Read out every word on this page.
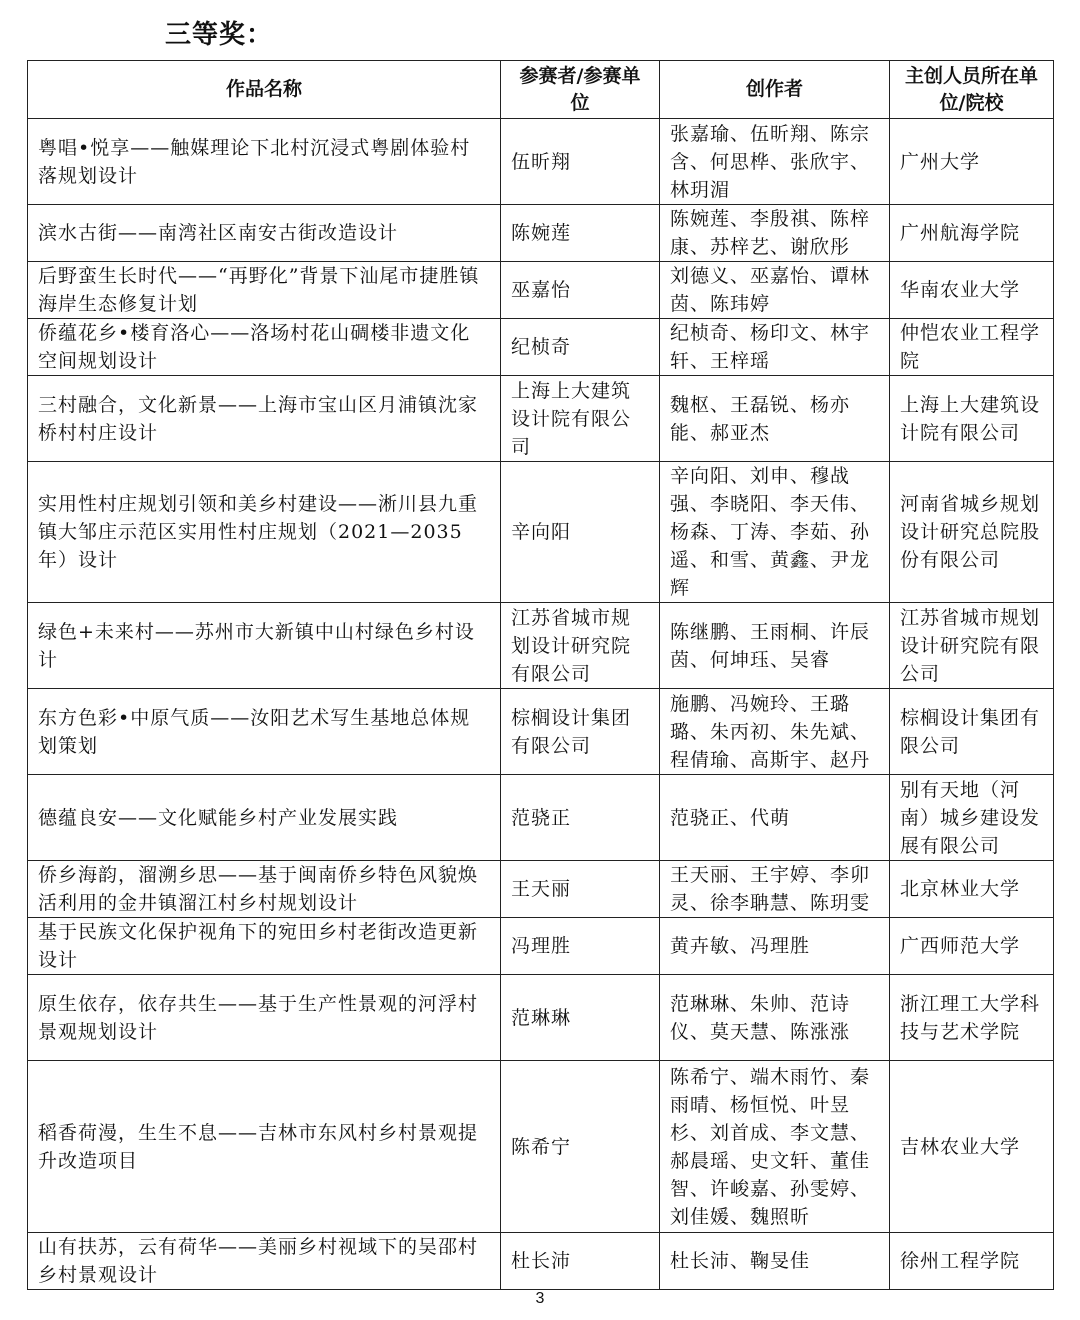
三等奖：
作品名称	参赛者/参赛单位	创作者	主创人员所在单位/院校
粤唱•悦享——触媒理论下北村沉浸式粤剧体验村落规划设计	伍昕翔	张嘉瑜、伍昕翔、陈宗含、何思桦、张欣宇、林玥湄	广州大学
滨水古街——南湾社区南安古街改造设计	陈婉莲	陈婉莲、李殷祺、陈梓康、苏梓艺、谢欣彤	广州航海学院
后野蛮生长时代——“再野化”背景下汕尾市捷胜镇海岸生态修复计划	巫嘉怡	刘德义、巫嘉怡、谭林茵、陈玮婷	华南农业大学
侨蕴花乡•楼育洛心——洛场村花山碉楼非遗文化空间规划设计	纪桢奇	纪桢奇、杨印文、林宇轩、王梓瑶	仲恺农业工程学院
三村融合，文化新景——上海市宝山区月浦镇沈家桥村村庄设计	上海上大建筑设计院有限公司	魏枢、王磊锐、杨亦能、郝亚杰	上海上大建筑设计院有限公司
实用性村庄规划引领和美乡村建设——淅川县九重镇大邹庄示范区实用性村庄规划（2021—2035年）设计	辛向阳	辛向阳、刘申、穆战强、李晓阳、李天伟、杨森、丁涛、李茹、孙遥、和雪、黄鑫、尹龙辉	河南省城乡规划设计研究总院股份有限公司
绿色+未来村——苏州市大新镇中山村绿色乡村设计	江苏省城市规划设计研究院有限公司	陈继鹏、王雨桐、许辰茵、何坤珏、吴睿	江苏省城市规划设计研究院有限公司
东方色彩•中原气质——汝阳艺术写生基地总体规划策划	棕榈设计集团有限公司	施鹏、冯婉玲、王璐璐、朱丙初、朱先斌、程倩瑜、高斯宇、赵丹	棕榈设计集团有限公司
德蕴良安——文化赋能乡村产业发展实践	范骁正	范骁正、代萌	别有天地（河南）城乡建设发展有限公司
侨乡海韵，溜溯乡思——基于闽南侨乡特色风貌焕活利用的金井镇溜江村乡村规划设计	王天丽	王天丽、王宇婷、李卯灵、徐李聃慧、陈玥雯	北京林业大学
基于民族文化保护视角下的宛田乡村老街改造更新设计	冯理胜	黄卉敏、冯理胜	广西师范大学
原生依存，依存共生——基于生产性景观的河浮村景观规划设计	范琳琳	范琳琳、朱帅、范诗仪、莫天慧、陈涨涨	浙江理工大学科技与艺术学院
稻香荷漫，生生不息——吉林市东风村乡村景观提升改造项目	陈希宁	陈希宁、端木雨竹、秦雨晴、杨恒悦、叶昱杉、刘首成、李文慧、郝晨瑶、史文轩、董佳智、许峻嘉、孙雯婷、刘佳媛、魏照昕	吉林农业大学
山有扶苏，云有荷华——美丽乡村视域下的吴邵村乡村景观设计	杜长沛	杜长沛、鞠旻佳	徐州工程学院
3
